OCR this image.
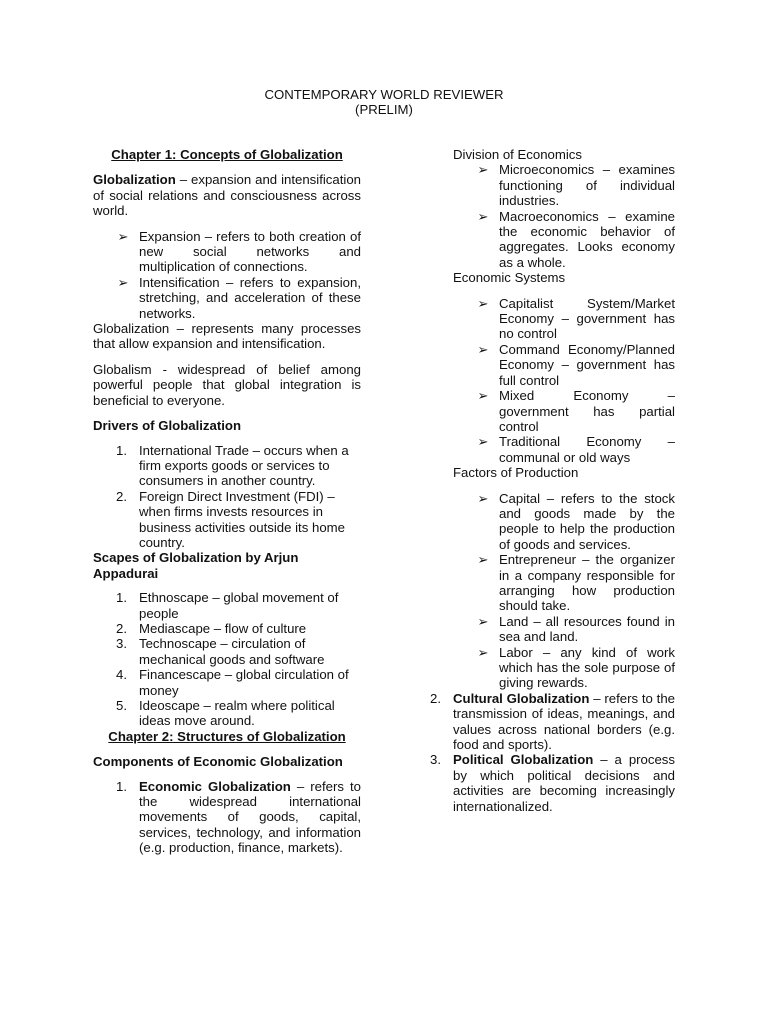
CONTEMPORARY WORLD REVIEWER
(PRELIM)

Chapter 1: Concepts of Globalization

Globalization – expansion and intensification of social relations and consciousness across world.

➢ Expansion – refers to both creation of new social networks and multiplication of connections.
➢ Intensification – refers to expansion, stretching, and acceleration of these networks.

Globalization – represents many processes that allow expansion and intensification.

Globalism - widespread of belief among powerful people that global integration is beneficial to everyone.

Drivers of Globalization

1. International Trade – occurs when a firm exports goods or services to consumers in another country.
2. Foreign Direct Investment (FDI) – when firms invests resources in business activities outside its home country.

Scapes of Globalization by Arjun Appadurai

1. Ethnoscape – global movement of people
2. Mediascape – flow of culture
3. Technoscape – circulation of mechanical goods and software
4. Financescape – global circulation of money
5. Ideoscape – realm where political ideas move around.

Chapter 2: Structures of Globalization

Components of Economic Globalization

1. Economic Globalization – refers to the widespread international movements of goods, capital, services, technology, and information (e.g. production, finance, markets).

Division of Economics

➢ Microeconomics – examines functioning of individual industries.
➢ Macroeconomics – examine the economic behavior of aggregates. Looks economy as a whole.

Economic Systems

➢ Capitalist System/Market Economy – government has no control
➢ Command Economy/Planned Economy – government has full control
➢ Mixed Economy – government has partial control
➢ Traditional Economy – communal or old ways

Factors of Production

➢ Capital – refers to the stock and goods made by the people to help the production of goods and services.
➢ Entrepreneur – the organizer in a company responsible for arranging how production should take.
➢ Land – all resources found in sea and land.
➢ Labor – any kind of work which has the sole purpose of giving rewards.
2. Cultural Globalization – refers to the transmission of ideas, meanings, and values across national borders (e.g. food and sports).
3. Political Globalization – a process by which political decisions and activities are becoming increasingly internationalized.
